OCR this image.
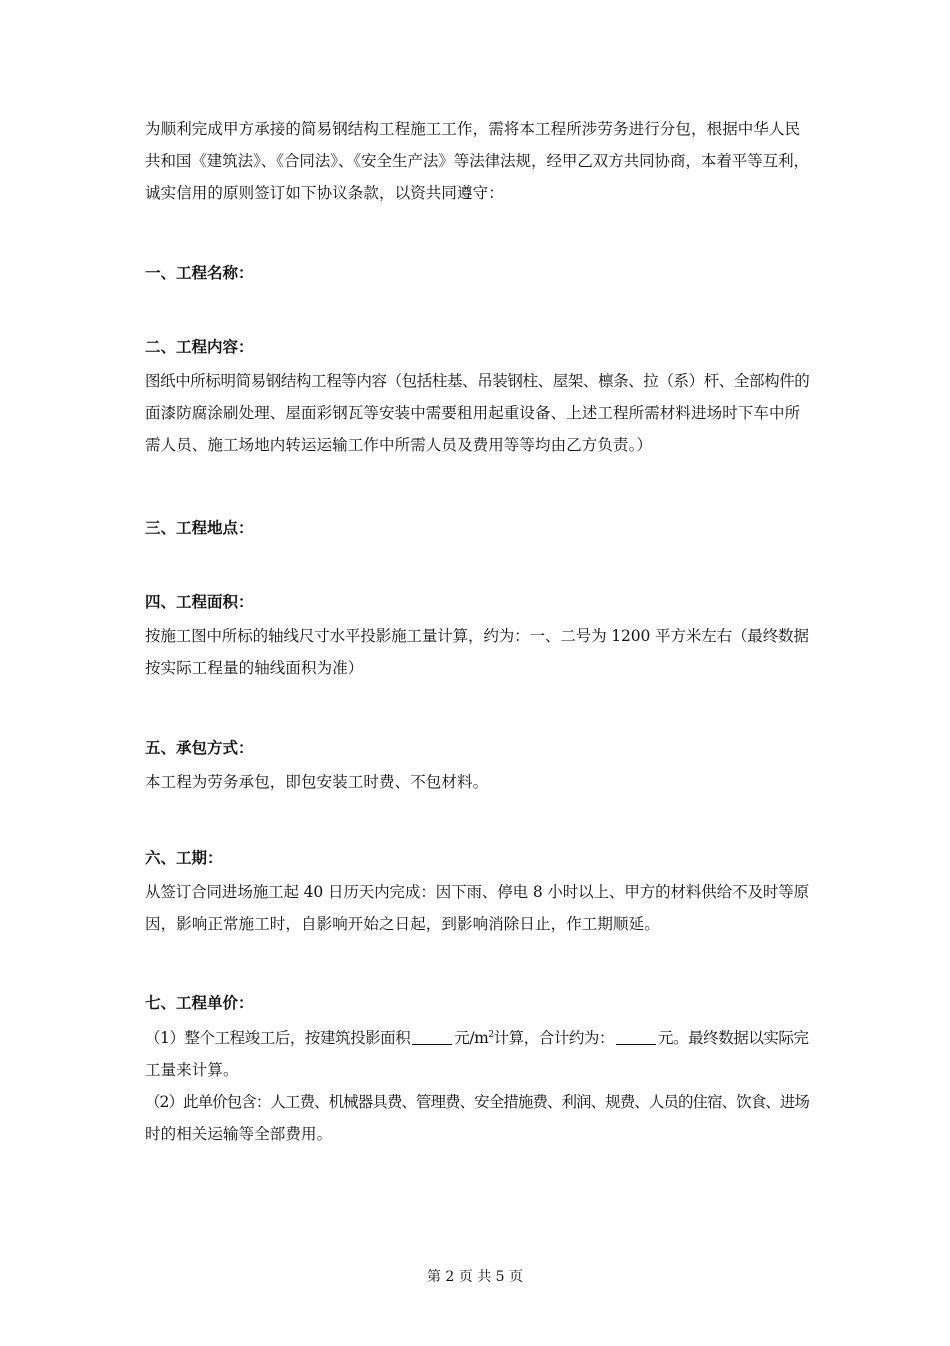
为顺利完成甲方承接的简易钢结构工程施工工作，需将本工程所涉劳务进行分包，根据中华人民
共和国《建筑法》、《合同法》、《安全生产法》等法律法规，经甲乙双方共同协商，本着平等互利，
诚实信用的原则签订如下协议条款，以资共同遵守：
一、工程名称：
二、工程内容：
图纸中所标明简易钢结构工程等内容（包括柱基、吊装钢柱、屋架、檩条、拉（系）杆、全部构件的
面漆防腐涂刷处理、屋面彩钢瓦等安装中需要租用起重设备、上述工程所需材料进场时下车中所
需人员、施工场地内转运运输工作中所需人员及费用等等均由乙方负责。）
三、工程地点：
四、工程面积：
按施工图中所标的轴线尺寸水平投影施工量计算，约为：一、二号为 1200 平方米左右（最终数据
按实际工程量的轴线面积为准）
五、承包方式：
本工程为劳务承包，即包安装工时费、不包材料。
六、工期：
从签订合同进场施工起 40 日历天内完成：因下雨、停电 8 小时以上、甲方的材料供给不及时等原
因，影响正常施工时，自影响开始之日起，到影响消除日止，作工期顺延。
七、工程单价：
（1）整个工程竣工后，按建筑投影面积	元$/m^2$计算，合计约为：	元。最终数据以实际完
工量来计算。
（2）此单价包含：人工费、机械器具费、管理费、安全措施费、利润、规费、人员的住宿、饮食、进场
时的相关运输等全部费用。
第 2 页 共 5 页
